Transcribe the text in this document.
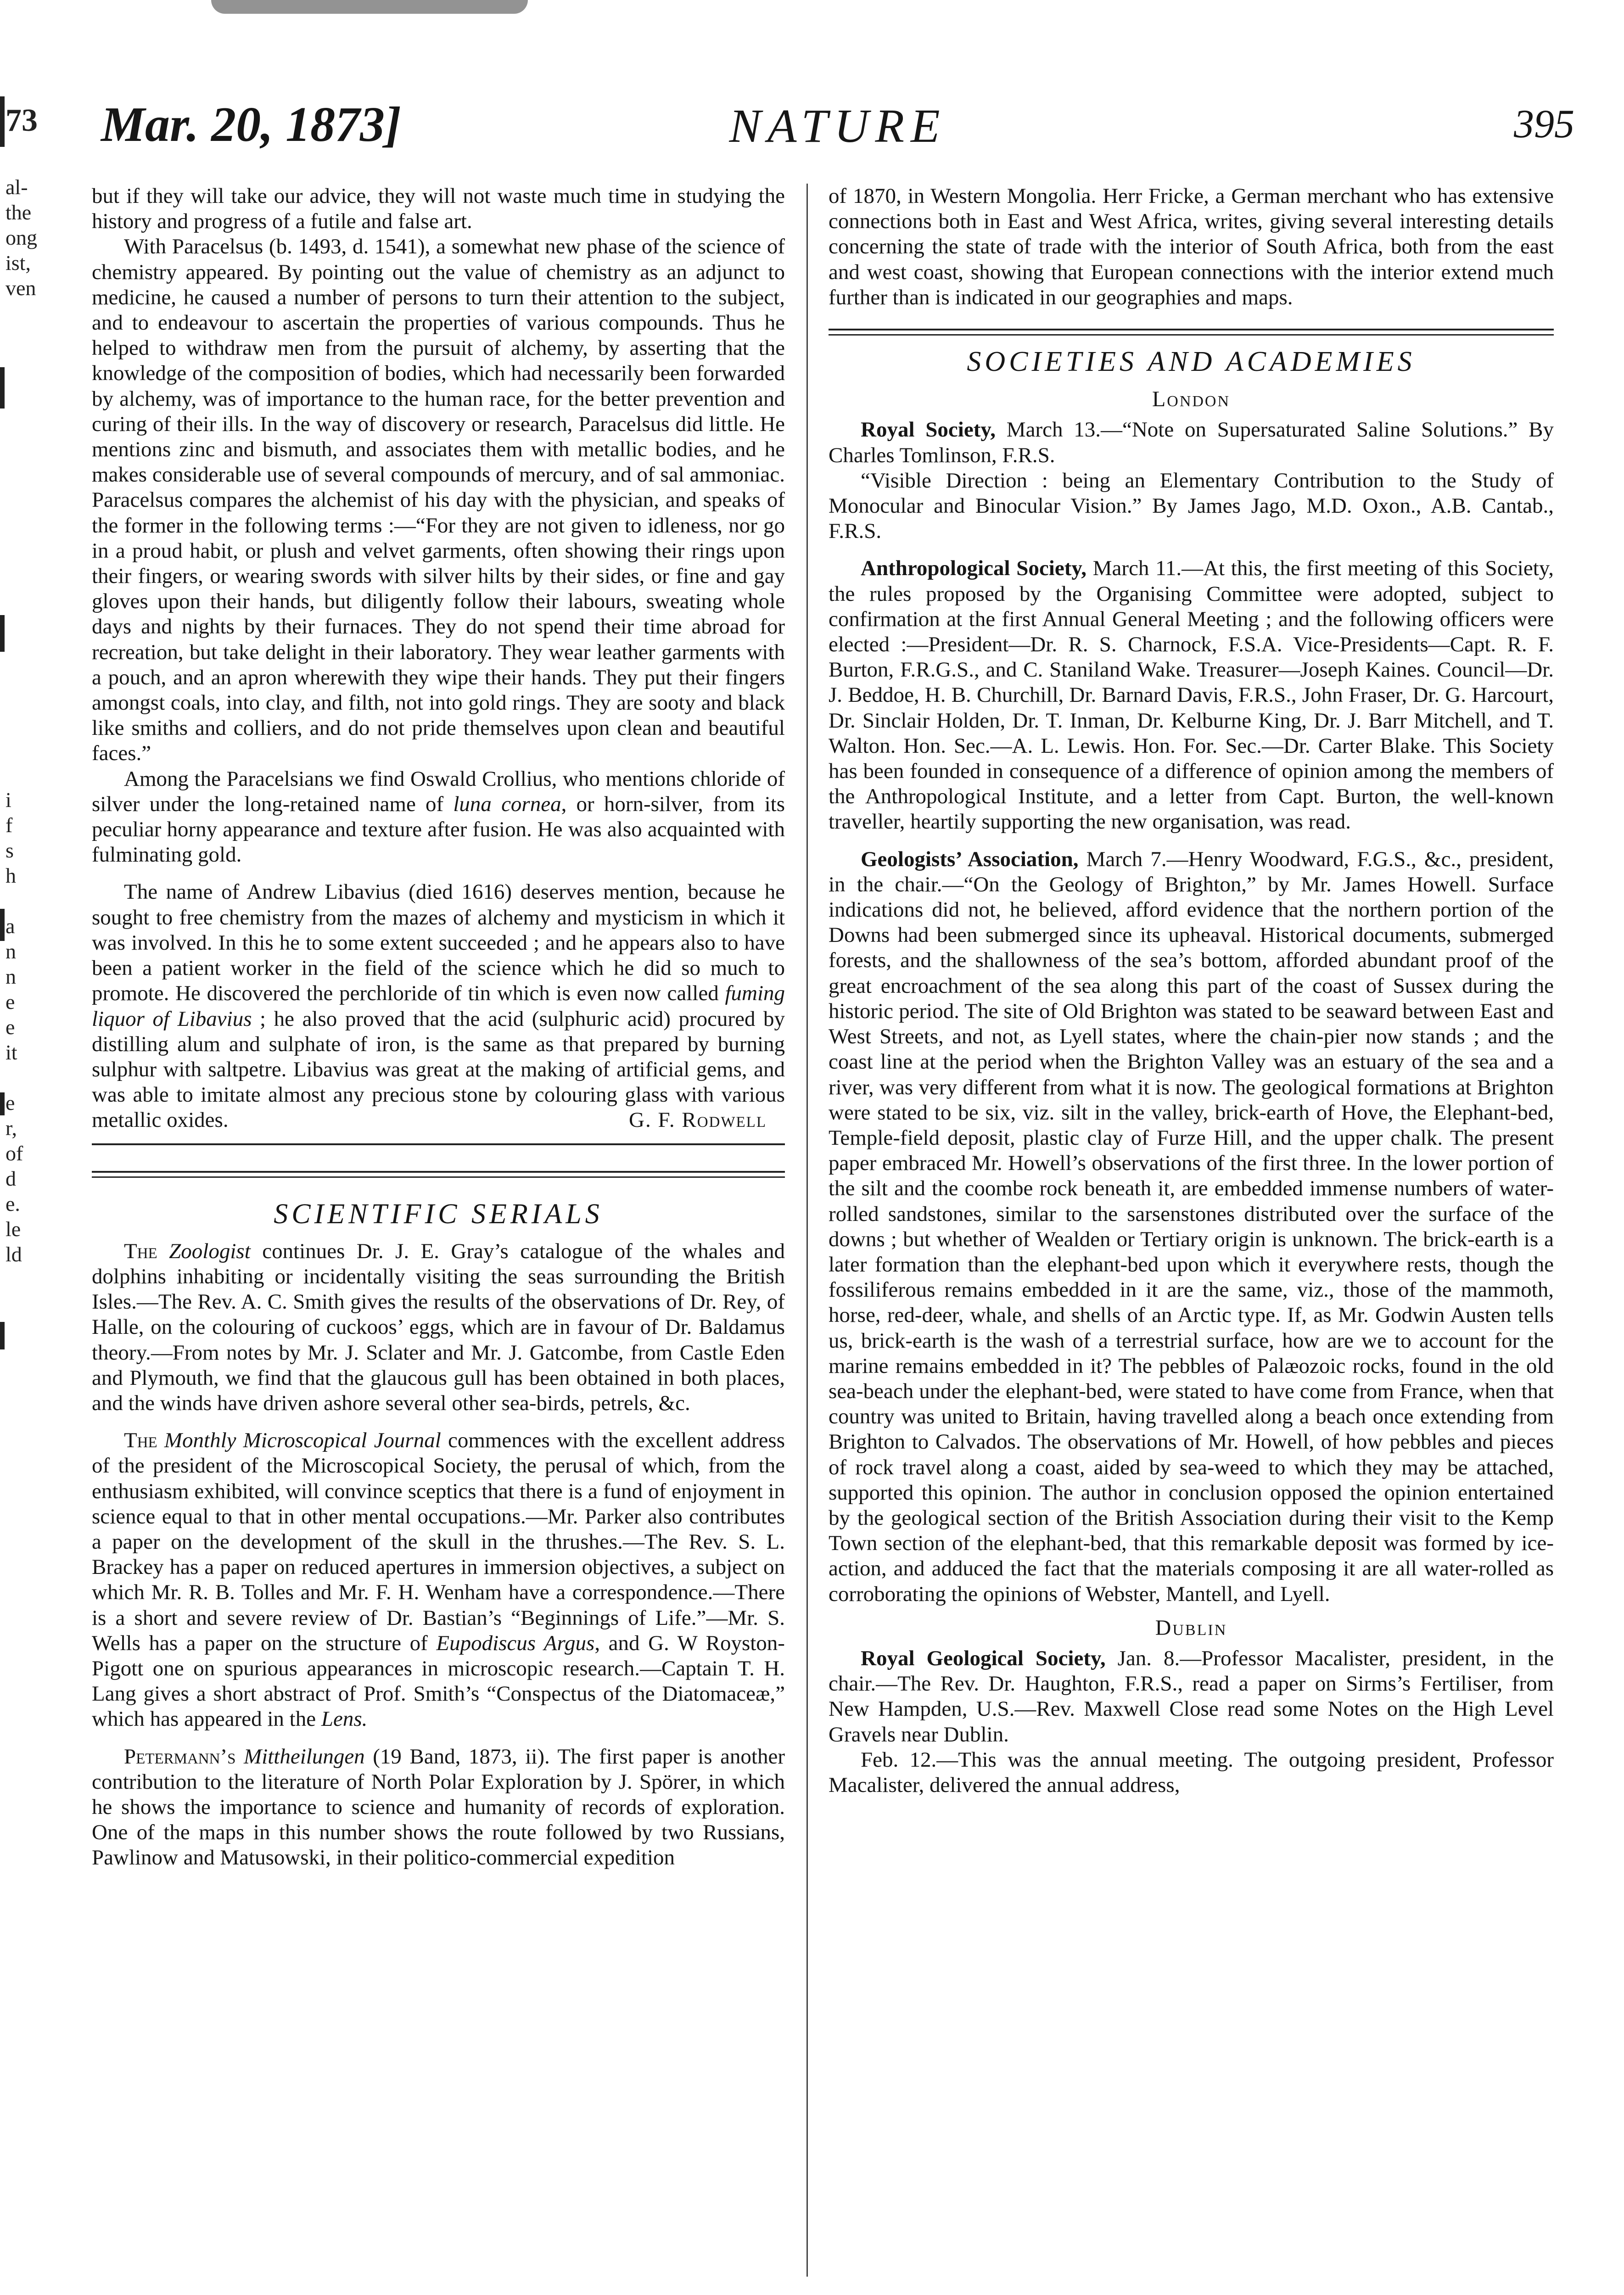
73
al-
the
ong
ist,
ven
i
f
s
h
a
n
n
e
e
it
e
r,
of
d
e.
le
ld
Mar. 20, 1873]	NATURE	395

but if they will take our advice, they will not waste much time in studying the history and progress of a futile and false art.

With Paracelsus (b. 1493, d. 1541), a somewhat new phase of the science of chemistry appeared. By pointing out the value of chemistry as an adjunct to medicine, he caused a number of persons to turn their attention to the subject, and to endeavour to ascertain the properties of various compounds. Thus he helped to withdraw men from the pursuit of alchemy, by asserting that the knowledge of the composition of bodies, which had necessarily been forwarded by alchemy, was of importance to the human race, for the better prevention and curing of their ills. In the way of discovery or research, Paracelsus did little. He mentions zinc and bismuth, and associates them with metallic bodies, and he makes considerable use of several compounds of mercury, and of sal ammoniac. Paracelsus compares the alchemist of his day with the physician, and speaks of the former in the following terms :—“For they are not given to idleness, nor go in a proud habit, or plush and velvet garments, often showing their rings upon their fingers, or wearing swords with silver hilts by their sides, or fine and gay gloves upon their hands, but diligently follow their labours, sweating whole days and nights by their furnaces. They do not spend their time abroad for recreation, but take delight in their laboratory. They wear leather garments with a pouch, and an apron wherewith they wipe their hands. They put their fingers amongst coals, into clay, and filth, not into gold rings. They are sooty and black like smiths and colliers, and do not pride themselves upon clean and beautiful faces.”

Among the Paracelsians we find Oswald Crollius, who mentions chloride of silver under the long-retained name of luna cornea, or horn-silver, from its peculiar horny appearance and texture after fusion. He was also acquainted with fulminating gold.

The name of Andrew Libavius (died 1616) deserves mention, because he sought to free chemistry from the mazes of alchemy and mysticism in which it was involved. In this he to some extent succeeded ; and he appears also to have been a patient worker in the field of the science which he did so much to promote. He discovered the perchloride of tin which is even now called fuming liquor of Libavius ; he also proved that the acid (sulphuric acid) procured by distilling alum and sulphate of iron, is the same as that prepared by burning sulphur with saltpetre. Libavius was great at the making of artificial gems, and was able to imitate almost any precious stone by colouring glass with various metallic oxides.	G. F. Rodwell

SCIENTIFIC SERIALS

The Zoologist continues Dr. J. E. Gray’s catalogue of the whales and dolphins inhabiting or incidentally visiting the seas surrounding the British Isles.—The Rev. A. C. Smith gives the results of the observations of Dr. Rey, of Halle, on the colouring of cuckoos’ eggs, which are in favour of Dr. Baldamus theory.—From notes by Mr. J. Sclater and Mr. J. Gatcombe, from Castle Eden and Plymouth, we find that the glaucous gull has been obtained in both places, and the winds have driven ashore several other sea-birds, petrels, &c.

The Monthly Microscopical Journal commences with the excellent address of the president of the Microscopical Society, the perusal of which, from the enthusiasm exhibited, will convince sceptics that there is a fund of enjoyment in science equal to that in other mental occupations.—Mr. Parker also contributes a paper on the development of the skull in the thrushes.—The Rev. S. L. Brackey has a paper on reduced apertures in immersion objectives, a subject on which Mr. R. B. Tolles and Mr. F. H. Wenham have a correspondence.—There is a short and severe review of Dr. Bastian’s “Beginnings of Life.”—Mr. S. Wells has a paper on the structure of Eupodiscus Argus, and G. W Royston-Pigott one on spurious appearances in microscopic research.—Captain T. H. Lang gives a short abstract of Prof. Smith’s “Conspectus of the Diatomaceæ,” which has appeared in the Lens.

Petermann’s Mittheilungen (19 Band, 1873, ii). The first paper is another contribution to the literature of North Polar Exploration by J. Spörer, in which he shows the importance to science and humanity of records of exploration. One of the maps in this number shows the route followed by two Russians, Pawlinow and Matusowski, in their politico-commercial expedition

of 1870, in Western Mongolia. Herr Fricke, a German merchant who has extensive connections both in East and West Africa, writes, giving several interesting details concerning the state of trade with the interior of South Africa, both from the east and west coast, showing that European connections with the interior extend much further than is indicated in our geographies and maps.

SOCIETIES AND ACADEMIES
London

Royal Society, March 13.—“Note on Supersaturated Saline Solutions.” By Charles Tomlinson, F.R.S.

“Visible Direction : being an Elementary Contribution to the Study of Monocular and Binocular Vision.” By James Jago, M.D. Oxon., A.B. Cantab., F.R.S.

Anthropological Society, March 11.—At this, the first meeting of this Society, the rules proposed by the Organising Committee were adopted, subject to confirmation at the first Annual General Meeting ; and the following officers were elected :—President—Dr. R. S. Charnock, F.S.A. Vice-Presidents—Capt. R. F. Burton, F.R.G.S., and C. Staniland Wake. Treasurer—Joseph Kaines. Council—Dr. J. Beddoe, H. B. Churchill, Dr. Barnard Davis, F.R.S., John Fraser, Dr. G. Harcourt, Dr. Sinclair Holden, Dr. T. Inman, Dr. Kelburne King, Dr. J. Barr Mitchell, and T. Walton. Hon. Sec.—A. L. Lewis. Hon. For. Sec.—Dr. Carter Blake. This Society has been founded in consequence of a difference of opinion among the members of the Anthropological Institute, and a letter from Capt. Burton, the well-known traveller, heartily supporting the new organisation, was read.

Geologists’ Association, March 7.—Henry Woodward, F.G.S., &c., president, in the chair.—“On the Geology of Brighton,” by Mr. James Howell. Surface indications did not, he believed, afford evidence that the northern portion of the Downs had been submerged since its upheaval. Historical documents, submerged forests, and the shallowness of the sea’s bottom, afforded abundant proof of the great encroachment of the sea along this part of the coast of Sussex during the historic period. The site of Old Brighton was stated to be seaward between East and West Streets, and not, as Lyell states, where the chain-pier now stands ; and the coast line at the period when the Brighton Valley was an estuary of the sea and a river, was very different from what it is now. The geological formations at Brighton were stated to be six, viz. silt in the valley, brick-earth of Hove, the Elephant-bed, Temple-field deposit, plastic clay of Furze Hill, and the upper chalk. The present paper embraced Mr. Howell’s observations of the first three. In the lower portion of the silt and the coombe rock beneath it, are embedded immense numbers of water-rolled sandstones, similar to the sarsenstones distributed over the surface of the downs ; but whether of Wealden or Tertiary origin is unknown. The brick-earth is a later formation than the elephant-bed upon which it everywhere rests, though the fossiliferous remains embedded in it are the same, viz., those of the mammoth, horse, red-deer, whale, and shells of an Arctic type. If, as Mr. Godwin Austen tells us, brick-earth is the wash of a terrestrial surface, how are we to account for the marine remains embedded in it? The pebbles of Palæozoic rocks, found in the old sea-beach under the elephant-bed, were stated to have come from France, when that country was united to Britain, having travelled along a beach once extending from Brighton to Calvados. The observations of Mr. Howell, of how pebbles and pieces of rock travel along a coast, aided by sea-weed to which they may be attached, supported this opinion. The author in conclusion opposed the opinion entertained by the geological section of the British Association during their visit to the Kemp Town section of the elephant-bed, that this remarkable deposit was formed by ice-action, and adduced the fact that the materials composing it are all water-rolled as corroborating the opinions of Webster, Mantell, and Lyell.

Dublin

Royal Geological Society, Jan. 8.—Professor Macalister, president, in the chair.—The Rev. Dr. Haughton, F.R.S., read a paper on Sirms’s Fertiliser, from New Hampden, U.S.—Rev. Maxwell Close read some Notes on the High Level Gravels near Dublin.

Feb. 12.—This was the annual meeting. The outgoing president, Professor Macalister, delivered the annual address,
